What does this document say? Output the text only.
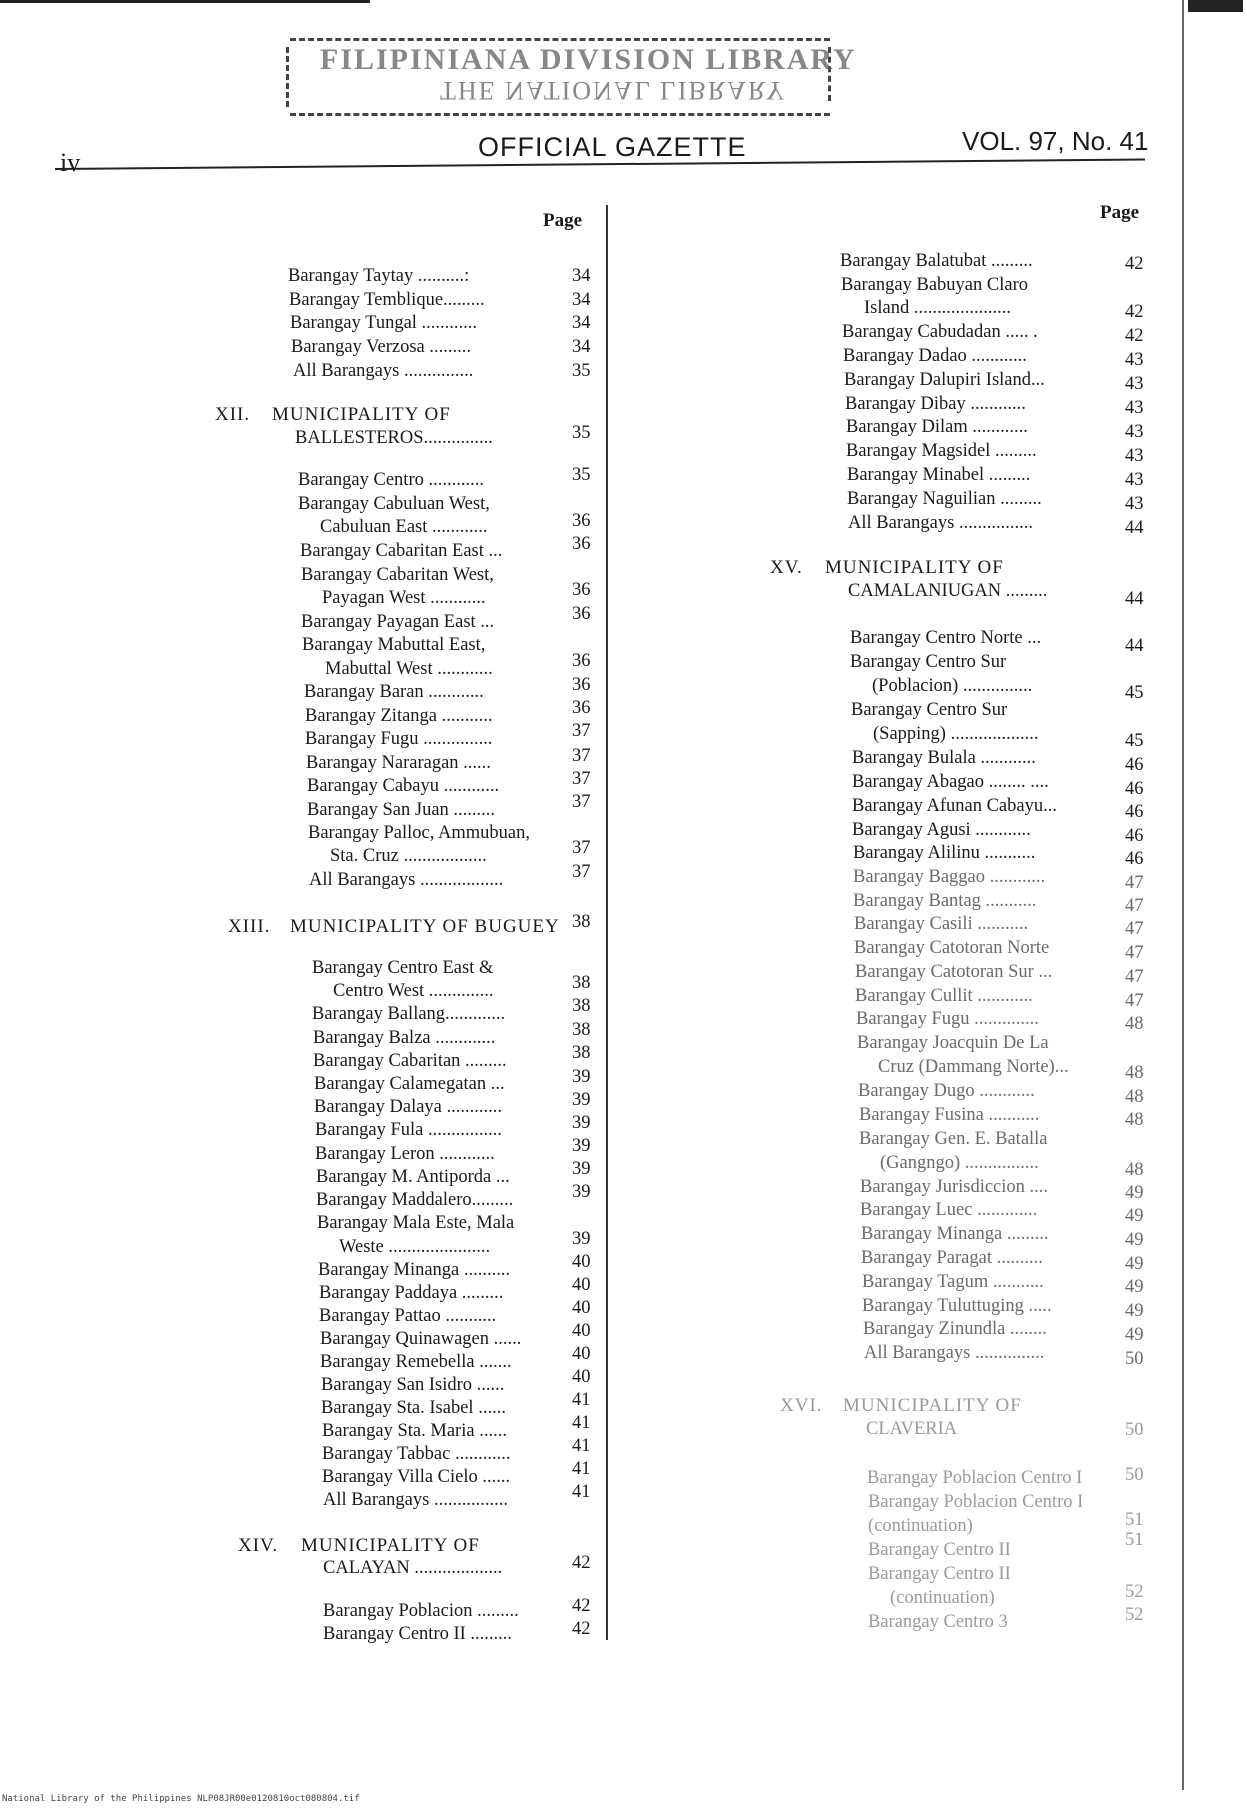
FILIPINIANA DIVISION LIBRARY
THE NATIONAL LIBRARY
iv
OFFICIAL GAZETTE	VOL. 97, No. 41
Page	Page
Barangay Taytay ..........:	34
Barangay Temblique.........	34
Barangay Tungal ............	34
Barangay Verzosa .........	34
All Barangays ...............	35
XII. MUNICIPALITY OF
BALLESTEROS...............	35
Barangay Centro ............	35
Barangay Cabuluan West,
Cabuluan East ............	36
Barangay Cabaritan East ...	36
Barangay Cabaritan West,
Payagan West ............	36
Barangay Payagan East ...	36
Barangay Mabuttal East,
Mabuttal West ............	36
Barangay Baran ............	36
Barangay Zitanga ...........	36
Barangay Fugu ...............	37
Barangay Nararagan ......	37
Barangay Cabayu ............	37
Barangay San Juan .........	37
Barangay Palloc, Ammubuan,
Sta. Cruz ..................	37
All Barangays ..................	37
XIII. MUNICIPALITY OF BUGUEY 38
Barangay Centro East &
Centro West ..............	38
Barangay Ballang.............	38
Barangay Balza .............	38
Barangay Cabaritan .........	38
Barangay Calamegatan ...	39
Barangay Dalaya ............	39
Barangay Fula ................	39
Barangay Leron ............	39
Barangay M. Antiporda ...	39
Barangay Maddalero.........	39
Barangay Mala Este, Mala
Weste ......................	39
Barangay Minanga ..........	40
Barangay Paddaya .........	40
Barangay Pattao ...........	40
Barangay Quinawagen ......	40
Barangay Remebella .......	40
Barangay San Isidro ......	40
Barangay Sta. Isabel ......	41
Barangay Sta. Maria ......	41
Barangay Tabbac ............	41
Barangay Villa Cielo ......	41
All Barangays ................	41
XIV. MUNICIPALITY OF
CALAYAN ...................	42
Barangay Poblacion .........	42
Barangay Centro II .........	42
Barangay Balatubat .........	42
Barangay Babuyan Claro
Island .....................	42
Barangay Cabudadan ..... .	42
Barangay Dadao ............	43
Barangay Dalupiri Island...	43
Barangay Dibay ............	43
Barangay Dilam ............	43
Barangay Magsidel .........	43
Barangay Minabel .........	43
Barangay Naguilian .........	43
All Barangays ................	44
XV. MUNICIPALITY OF
CAMALANIUGAN .........	44
Barangay Centro Norte ...	44
Barangay Centro Sur
(Poblacion) ...............	45
Barangay Centro Sur
(Sapping) ...................	45
Barangay Bulala ............	46
Barangay Abagao ........ ....	46
Barangay Afunan Cabayu...	46
Barangay Agusi ............	46
Barangay Alilinu ...........	46
Barangay Baggao ............	47
Barangay Bantag ...........	47
Barangay Casili ...........	47
Barangay Catotoran Norte	47
Barangay Catotoran Sur ...	47
Barangay Cullit ............	47
Barangay Fugu ..............	48
Barangay Joacquin De La
Cruz (Dammang Norte)...	48
Barangay Dugo ............	48
Barangay Fusina ...........	48
Barangay Gen. E. Batalla
(Gangngo) ................	48
Barangay Jurisdiccion ....	49
Barangay Luec .............	49
Barangay Minanga .........	49
Barangay Paragat ..........	49
Barangay Tagum ...........	49
Barangay Tuluttuging .....	49
Barangay Zinundla ........	49
All Barangays ...............	50
XVI. MUNICIPALITY OF
CLAVERIA	50
Barangay Poblacion Centro I 50
Barangay Poblacion Centro I
(continuation)	51
Barangay Centro II	51
Barangay Centro II
(continuation)	52
Barangay Centro 3	52
National Library of the Philippines NLP08JR00e0120810oct080804.tif
